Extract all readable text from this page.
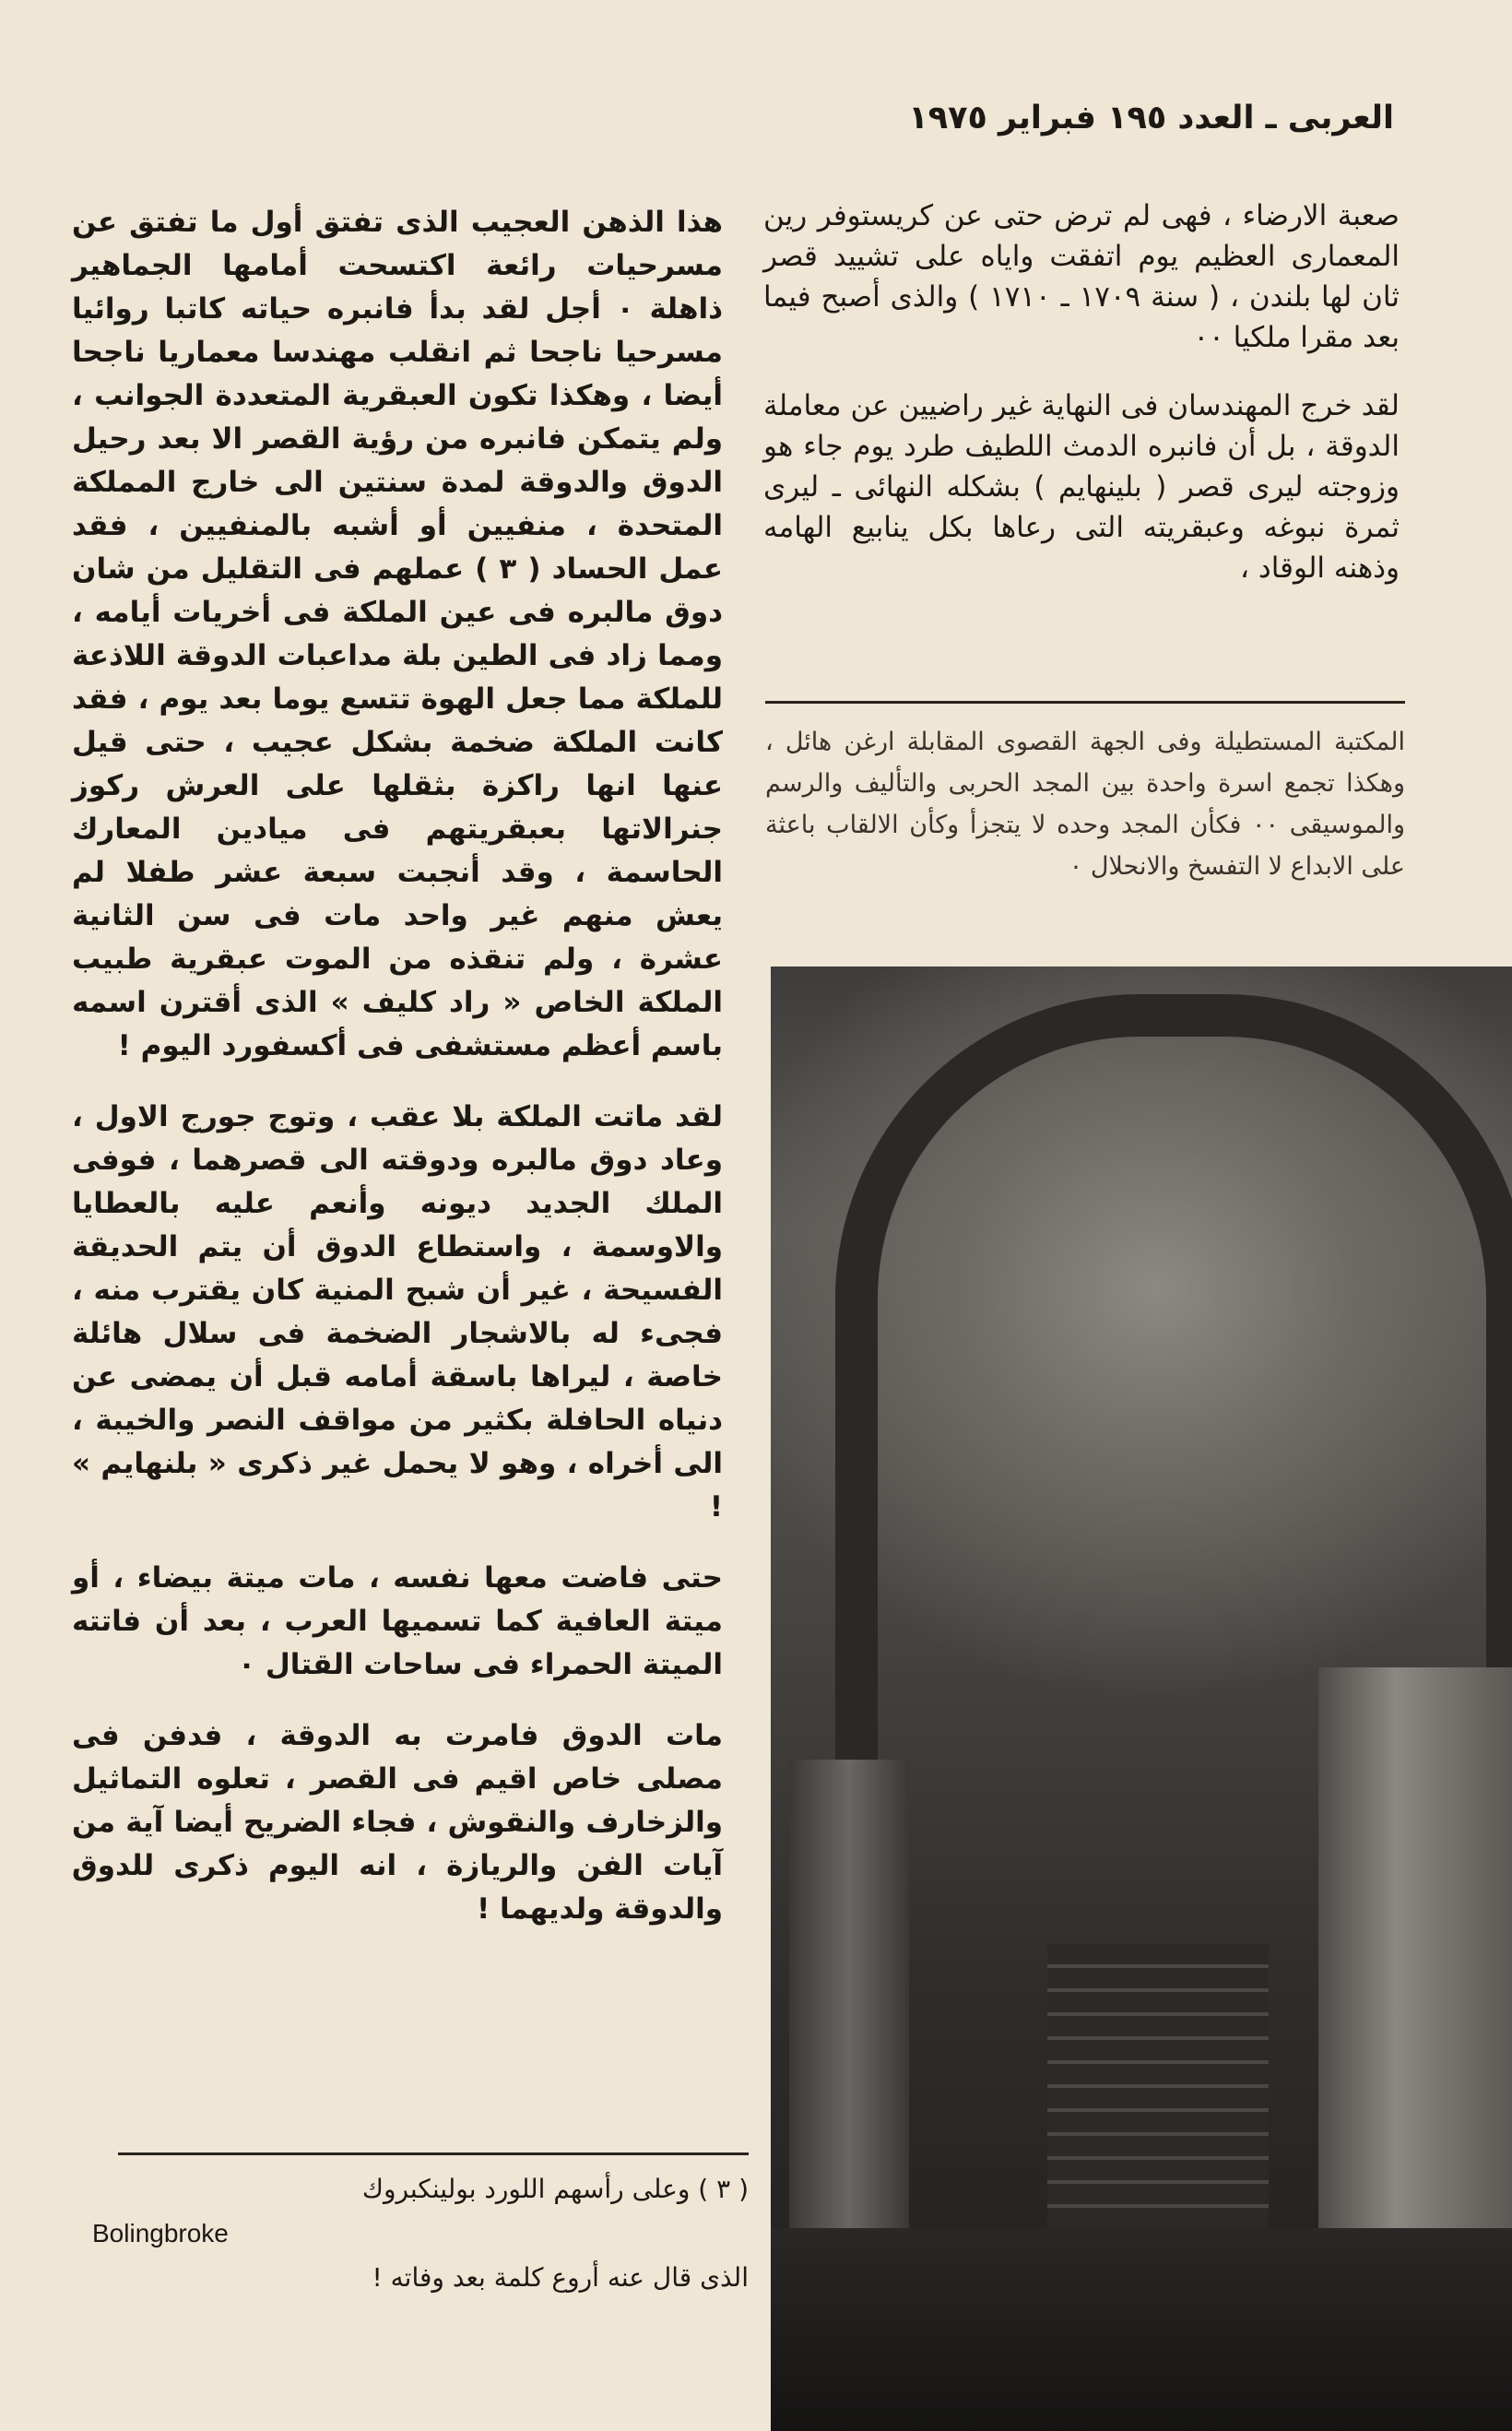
العربى ـ العدد ١٩٥ فبراير ١٩٧٥

صعبة الارضاء ، فهى لم ترض حتى عن كريستوفر رين المعمارى العظيم يوم اتفقت واياه على تشييد قصر ثان لها بلندن ، ( سنة ١٧٠٩ ـ ١٧١٠ ) والذى أصبح فيما بعد مقرا ملكيا ٠٠

لقد خرج المهندسان فى النهاية غير راضيين عن معاملة الدوقة ، بل أن فانبره الدمث اللطيف طرد يوم جاء هو وزوجته ليرى قصر ( بلينهايم ) بشكله النهائى ـ ليرى ثمرة نبوغه وعبقريته التى رعاها بكل ينابيع الهامه وذهنه الوقاد ،

المكتبة المستطيلة وفى الجهة القصوى المقابلة ارغن هائل ، وهكذا تجمع اسرة واحدة بين المجد الحربى والتأليف والرسم والموسيقى ٠٠ فكأن المجد وحده لا يتجزأ وكأن الالقاب باعثة على الابداع لا التفسخ والانحلال ٠

هذا الذهن العجيب الذى تفتق أول ما تفتق عن مسرحيات رائعة اكتسحت أمامها الجماهير ذاهلة ٠ أجل لقد بدأ فانبره حياته كاتبا روائيا مسرحيا ناجحا ثم انقلب مهندسا معماريا ناجحا أيضا ، وهكذا تكون العبقرية المتعددة الجوانب ، ولم يتمكن فانبره من رؤية القصر الا بعد رحيل الدوق والدوقة لمدة سنتين الى خارج المملكة المتحدة ، منفيين أو أشبه بالمنفيين ، فقد عمل الحساد ( ٣ ) عملهم فى التقليل من شان دوق مالبره فى عين الملكة فى أخريات أيامه ، ومما زاد فى الطين بلة مداعبات الدوقة اللاذعة للملكة مما جعل الهوة تتسع يوما بعد يوم ، فقد كانت الملكة ضخمة بشكل عجيب ، حتى قيل عنها انها راكزة بثقلها على العرش ركوز جنرالاتها بعبقريتهم فى ميادين المعارك الحاسمة ، وقد أنجبت سبعة عشر طفلا لم يعش منهم غير واحد مات فى سن الثانية عشرة ، ولم تنقذه من الموت عبقرية طبيب الملكة الخاص « راد كليف » الذى أقترن اسمه باسم أعظم مستشفى فى أكسفورد اليوم !

لقد ماتت الملكة بلا عقب ، وتوج جورج الاول ، وعاد دوق مالبره ودوقته الى قصرهما ، فوفى الملك الجديد ديونه وأنعم عليه بالعطايا والاوسمة ، واستطاع الدوق أن يتم الحديقة الفسيحة ، غير أن شبح المنية كان يقترب منه ، فجىء له بالاشجار الضخمة فى سلال هائلة خاصة ، ليراها باسقة أمامه قبل أن يمضى عن دنياه الحافلة بكثير من مواقف النصر والخيبة ، الى أخراه ، وهو لا يحمل غير ذكرى « بلنهايم » !

حتى فاضت معها نفسه ، مات ميتة بيضاء ، أو ميتة العافية كما تسميها العرب ، بعد أن فاتته الميتة الحمراء فى ساحات القتال ٠

مات الدوق فامرت به الدوقة ، فدفن فى مصلى خاص اقيم فى القصر ، تعلوه التماثيل والزخارف والنقوش ، فجاء الضريح أيضا آية من آيات الفن والريازة ، انه اليوم ذكرى للدوق والدوقة ولديهما !

( ٣ ) وعلى رأسهم اللورد بولينكبروك
Bolingbroke
الذى قال عنه أروع كلمة بعد وفاته !
